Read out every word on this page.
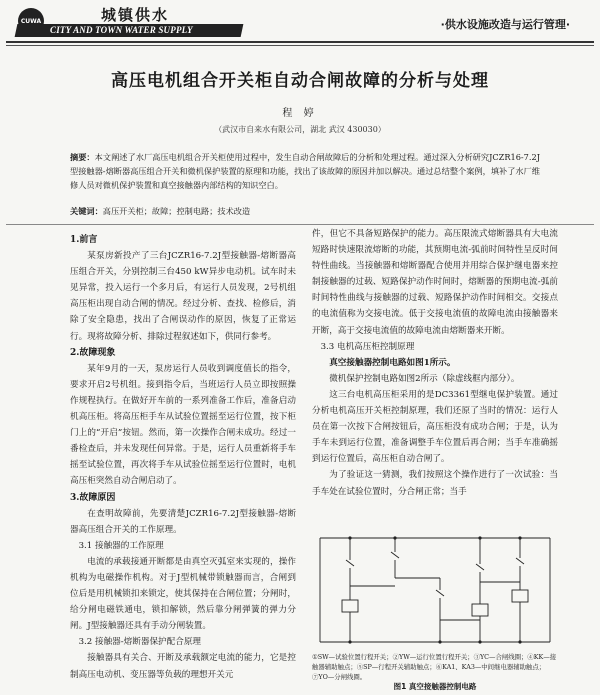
CUWA	城镇供水
CITY AND TOWN WATER SUPPLY	·供水设施改造与运行管理·
高压电机组合开关柜自动合闸故障的分析与处理
程 婷
（武汉市自来水有限公司，湖北 武汉 430030）
摘要：本文阐述了水厂高压电机组合开关柜使用过程中，发生自动合闸故障后的分析和处理过程。通过深入分析研究JCZR16-7.2J型接触器-熔断器高压组合开关和微机保护装置的原理和功能，找出了该故障的原因并加以解决。通过总结整个案例，填补了水厂维修人员对微机保护装置和真空接触器内部结构的知识空白。
关键词：高压开关柜；故障；控制电路；技术改造
1.前言

某泵房新投产了三台JCZR16-7.2J型接触器-熔断器高压组合开关，分别控制三台450 kW异步电动机。试车时未见异常，投入运行一个多月后，有运行人员发现，2号机组高压柜出现自动合闸的情况。经过分析、查找、检修后，消除了安全隐患，找出了合闸误动作的原因，恢复了正常运行。现将故障分析、排除过程叙述如下，供同行参考。

2.故障现象

某年9月的一天，泵房运行人员收到调度值长的指令，要求开启2号机组。接到指令后，当班运行人员立即按照操作规程执行。在做好开车前的一系列准备工作后，准备启动机高压柜。将高压柜手车从试验位置摇至运行位置，按下柜门上的“开启”按钮。然而，第一次操作合闸未成功。经过一番检查后，并未发现任何异常。于是，运行人员重新将手车摇至试验位置，再次将手车从试验位摇至运行位置时，电机高压柜突然自动合闸启动了。

3.故障原因

在查明故障前，先要清楚JCZR16-7.2J型接触器-熔断器高压组合开关的工作原理。

3.1 接触器的工作原理

电流的承载接通开断都是由真空灭弧室来实现的，操作机构为电磁操作机构。对于J型机械带锁触器而言，合闸到位后是用机械锁扣来锁定，使其保持在合闸位置；分闸时，给分闸电磁铁通电，锁扣解锁，然后靠分闸弹簧的弹力分闸。J型接触器还具有手动分闸装置。

3.2 接触器-熔断器保护配合原理

接触器具有关合、开断及承载额定电流的能力，它是控制高压电动机、变压器等负载的理想开关元

件，但它不具备短路保护的能力。高压限流式熔断器具有大电流短路时快速限流熔断的功能，其预期电流-弧前时间特性呈反时间特性曲线。当接触器和熔断器配合使用并用综合保护继电器来控制接触器的过载、短路保护动作时间时，熔断器的预期电流-弧前时间特性曲线与接触器的过载、短路保护动作时间相交。交接点的电流值称为交接电流。低于交接电流值的故障电流由接触器来开断，高于交接电流值的故障电流由熔断器来开断。

3.3 电机高压柜控制原理

真空接触器控制电路如图1所示。

微机保护控制电路如图2所示（除虚线框内部分）。

这三台电机高压柜采用的是DC3361型继电保护装置。通过分析电机高压开关柜控制原理，我们还原了当时的情况：运行人员在第一次按下合闸按钮后，高压柜没有成功合闸；于是，认为手车未到运行位置，准备调整手车位置后再合闸；当手车准确摇到运行位置后，高压柜自动合闸了。

为了验证这一猜测，我们按照这个操作进行了一次试验：当手车处在试验位置时，分合闸正常；当手

①SW—试验位置行程开关；②YW—运行位置行程开关；③YC—合闸线圈；④KK—接触器辅助触点；⑤SP—行程开关辅助触点；⑥KA1、KA3—中间继电器辅助触点；⑦YO—分闸线圈。
图1 真空接触器控制电路
